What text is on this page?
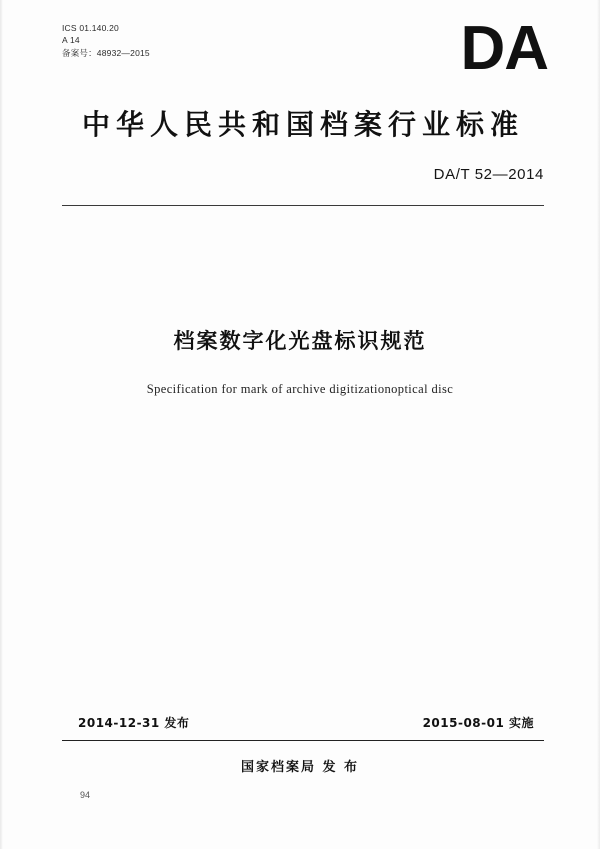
ICS 01.140.20
A 14
备案号：48932—2015	DA
中华人民共和国档案行业标准
DA/T 52—2014
档案数字化光盘标识规范
Specification for mark of archive digitizationoptical disc
2014-12-31 发布	2015-08-01 实施
国家档案局 发 布
94
